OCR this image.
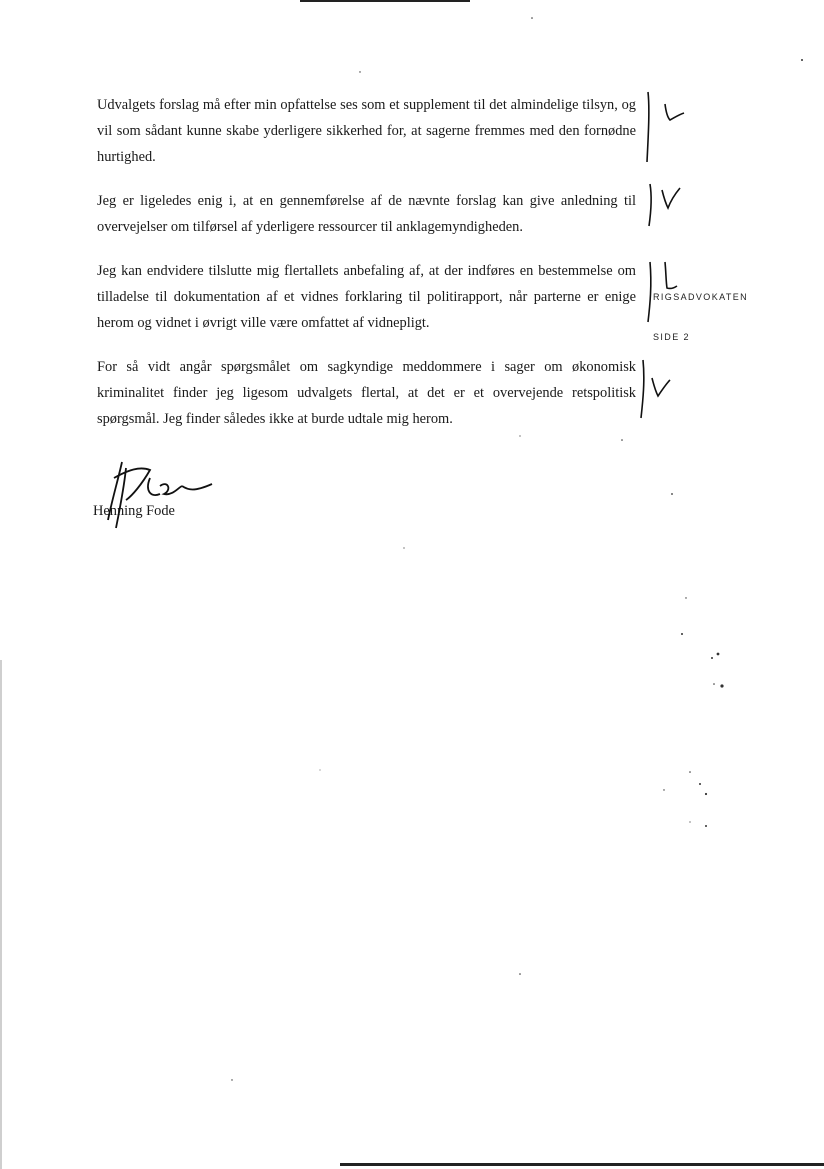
Udvalgets forslag må efter min opfattelse ses som et supplement til det almindelige tilsyn, og vil som sådant kunne skabe yderligere sikkerhed for, at sagerne fremmes med den fornødne hurtighed.

Jeg er ligeledes enig i, at en gennemførelse af de nævnte forslag kan give anledning til overvejelser om tilførsel af yderligere ressourcer til anklagemyndigheden.

Jeg kan endvidere tilslutte mig flertallets anbefaling af, at der indføres en bestemmelse om tilladelse til dokumentation af et vidnes forklaring til politirapport, når parterne er enige herom og vidnet i øvrigt ville være omfattet af vidnepligt.

For så vidt angår spørgsmålet om sagkyndige meddommere i sager om økonomisk kriminalitet finder jeg ligesom udvalgets flertal, at det er et overvejende retspolitisk spørgsmål. Jeg finder således ikke at burde udtale mig herom.

RIGSADVOKATEN
SIDE 2
Henning Fode
